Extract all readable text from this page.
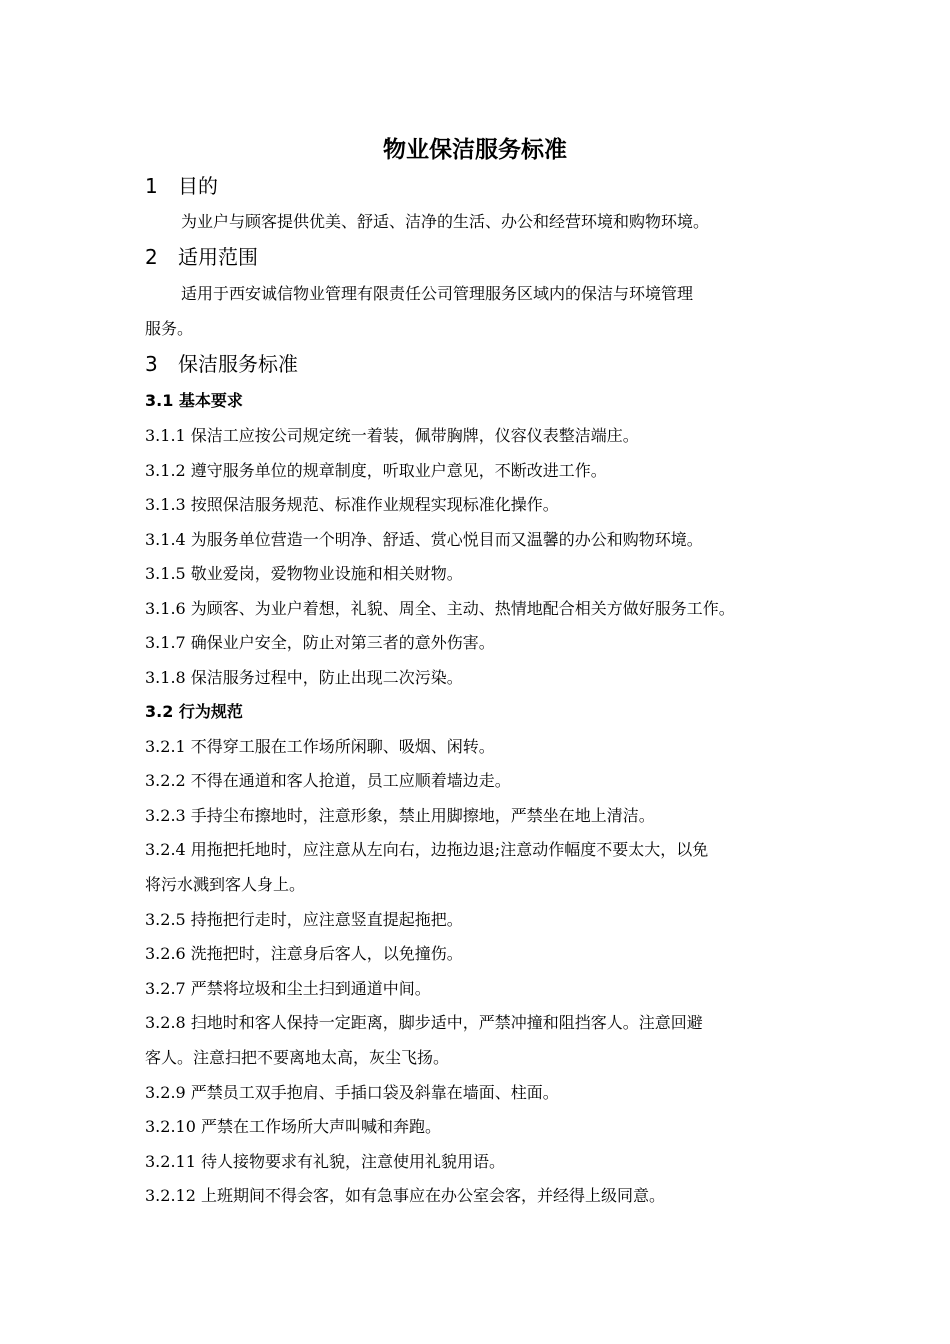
物业保洁服务标准
1 目的
为业户与顾客提供优美、舒适、洁净的生活、办公和经营环境和购物环境。
2 适用范围
适用于西安诚信物业管理有限责任公司管理服务区域内的保洁与环境管理
服务。
3 保洁服务标准
3.1 基本要求
3.1.1 保洁工应按公司规定统一着装，佩带胸牌，仪容仪表整洁端庄。
3.1.2 遵守服务单位的规章制度，听取业户意见，不断改进工作。
3.1.3 按照保洁服务规范、标准作业规程实现标准化操作。
3.1.4 为服务单位营造一个明净、舒适、赏心悦目而又温馨的办公和购物环境。
3.1.5 敬业爱岗，爱物物业设施和相关财物。
3.1.6 为顾客、为业户着想，礼貌、周全、主动、热情地配合相关方做好服务工作。
3.1.7 确保业户安全，防止对第三者的意外伤害。
3.1.8 保洁服务过程中，防止出现二次污染。
3.2 行为规范
3.2.1 不得穿工服在工作场所闲聊、吸烟、闲转。
3.2.2 不得在通道和客人抢道，员工应顺着墙边走。
3.2.3 手持尘布擦地时，注意形象，禁止用脚擦地，严禁坐在地上清洁。
3.2.4 用拖把托地时，应注意从左向右，边拖边退;注意动作幅度不要太大，以免
将污水溅到客人身上。
3.2.5 持拖把行走时，应注意竖直提起拖把。
3.2.6 洗拖把时，注意身后客人，以免撞伤。
3.2.7 严禁将垃圾和尘土扫到通道中间。
3.2.8 扫地时和客人保持一定距离，脚步适中，严禁冲撞和阻挡客人。注意回避
客人。注意扫把不要离地太高，灰尘飞扬。
3.2.9 严禁员工双手抱肩、手插口袋及斜靠在墙面、柱面。
3.2.10 严禁在工作场所大声叫喊和奔跑。
3.2.11 待人接物要求有礼貌，注意使用礼貌用语。
3.2.12 上班期间不得会客，如有急事应在办公室会客，并经得上级同意。
